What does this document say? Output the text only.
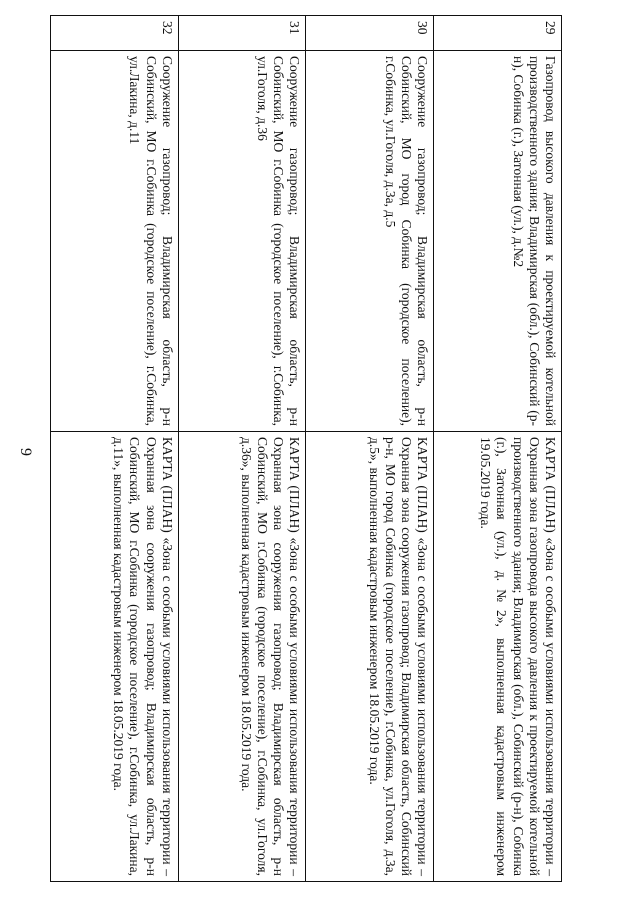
9
29	Газопровод высокого давления к проектируемой котельной производственного здания; Владимирская (обл.), Собинский (р-н), Собинка (г.), Затонная (ул.), д.№2	КАРТА (ПЛАН) «Зона с особыми условиями использования территории – Охранная зона газопровода высокого давления к проектируемой котельной производственного здания; Владимирская (обл.), Собинский (р-н), Собинка (г.), Затонная (ул.), д.№2», выполненная кадастровым инженером 19.05.2019 года.
30	Сооружение газопровод; Владимирская область, р-н Собинский, МО город Собинка (городское поселение), г.Собинка, ул.Гоголя, д.3а, д.5	КАРТА (ПЛАН) «Зона с особыми условиями использования территории – Охранная зона сооружения газопровод; Владимирская область, Собинский р-н, МО город Собинка (городское поселение), г.Собинка, ул.Гоголя, д.3а, д.5», выполненная кадастровым инженером 18.05.2019 года.
31	Сооружение газопровод; Владимирская область, р-н Собинский, МО г.Собинка (городское поселение), г.Собинка, ул.Гоголя, д.36	КАРТА (ПЛАН) «Зона с особыми условиями использования территории – Охранная зона сооружения газопровод; Владимирская область, р-н Собинский, МО г.Собинка (городское поселение), г.Собинка, ул.Гоголя, д.36», выполненная кадастровым инженером 18.05.2019 года.
32	Сооружение газопровод; Владимирская область, р-н Собинский, МО г.Собинка (городское поселение), г.Собинка, ул.Лакина, д.11	КАРТА (ПЛАН) «Зона с особыми условиями использования территории – Охранная зона сооружения газопровод; Владимирская область, р-н Собинский, МО г.Собинка (городское поселение), г.Собинка, ул.Лакина, д.11», выполненная кадастровым инженером 18.05.2019 года.
